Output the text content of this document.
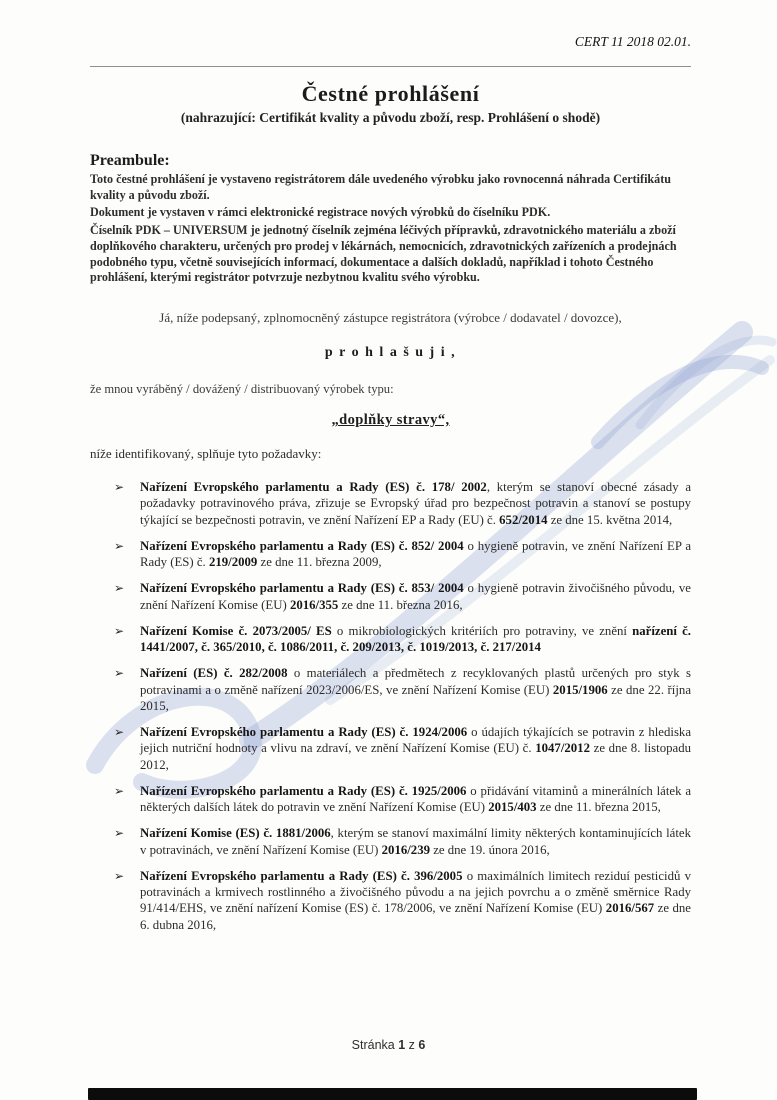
CERT 11 2018 02.01.
Čestné prohlášení
(nahrazující: Certifikát kvality a původu zboží, resp. Prohlášení o shodě)
Preambule:

Toto čestné prohlášení je vystaveno registrátorem dále uvedeného výrobku jako rovnocenná náhrada Certifikátu kvality a původu zboží.

Dokument je vystaven v rámci elektronické registrace nových výrobků do číselníku PDK.

Číselník PDK – UNIVERSUM je jednotný číselník zejména léčivých přípravků, zdravotnického materiálu a zboží doplňkového charakteru, určených pro prodej v lékárnách, nemocnicích, zdravotnických zařízeních a prodejnách podobného typu, včetně souvisejících informací, dokumentace a dalších dokladů, například i tohoto Čestného prohlášení, kterými registrátor potvrzuje nezbytnou kvalitu svého výrobku.

Já, níže podepsaný, zplnomocněný zástupce registrátora (výrobce / dodavatel / dovozce),

p r o h l a š u j i ,

že mnou vyráběný / dovážený / distribuovaný výrobek typu:

„doplňky stravy“,

níže identifikovaný, splňuje tyto požadavky:

➢	Nařízení Evropského parlamentu a Rady (ES) č. 178/ 2002, kterým se stanoví obecné zásady a požadavky potravinového práva, zřizuje se Evropský úřad pro bezpečnost potravin a stanoví se postupy týkající se bezpečnosti potravin, ve znění Nařízení EP a Rady (EU) č. 652/2014 ze dne 15. května 2014,
➢	Nařízení Evropského parlamentu a Rady (ES) č. 852/ 2004 o hygieně potravin, ve znění Nařízení EP a Rady (ES) č. 219/2009 ze dne 11. března 2009,
➢	Nařízení Evropského parlamentu a Rady (ES) č. 853/ 2004 o hygieně potravin živočišného původu, ve znění Nařízení Komise (EU) 2016/355 ze dne 11. března 2016,
➢	Nařízení Komise č. 2073/2005/ ES o mikrobiologických kritériích pro potraviny, ve znění nařízení č. 1441/2007, č. 365/2010, č. 1086/2011, č. 209/2013, č. 1019/2013, č. 217/2014
➢	Nařízení (ES) č. 282/2008 o materiálech a předmětech z recyklovaných plastů určených pro styk s potravinami a o změně nařízení 2023/2006/ES, ve znění Nařízení Komise (EU) 2015/1906 ze dne 22. října 2015,
➢	Nařízení Evropského parlamentu a Rady (ES) č. 1924/2006 o údajích týkajících se potravin z hlediska jejich nutriční hodnoty a vlivu na zdraví, ve znění Nařízení Komise (EU) č. 1047/2012 ze dne 8. listopadu 2012,
➢	Nařízení Evropského parlamentu a Rady (ES) č. 1925/2006 o přidávání vitaminů a minerálních látek a některých dalších látek do potravin ve znění Nařízení Komise (EU) 2015/403 ze dne 11. března 2015,
➢	Nařízení Komise (ES) č. 1881/2006, kterým se stanoví maximální limity některých kontaminujících látek v potravinách, ve znění Nařízení Komise (EU) 2016/239 ze dne 19. února 2016,
➢	Nařízení Evropského parlamentu a Rady (ES) č. 396/2005 o maximálních limitech reziduí pesticidů v potravinách a krmivech rostlinného a živočišného původu a na jejich povrchu a o změně směrnice Rady 91/414/EHS, ve znění nařízení Komise (ES) č. 178/2006, ve znění Nařízení Komise (EU) 2016/567 ze dne 6. dubna 2016,
Stránka 1 z 6
